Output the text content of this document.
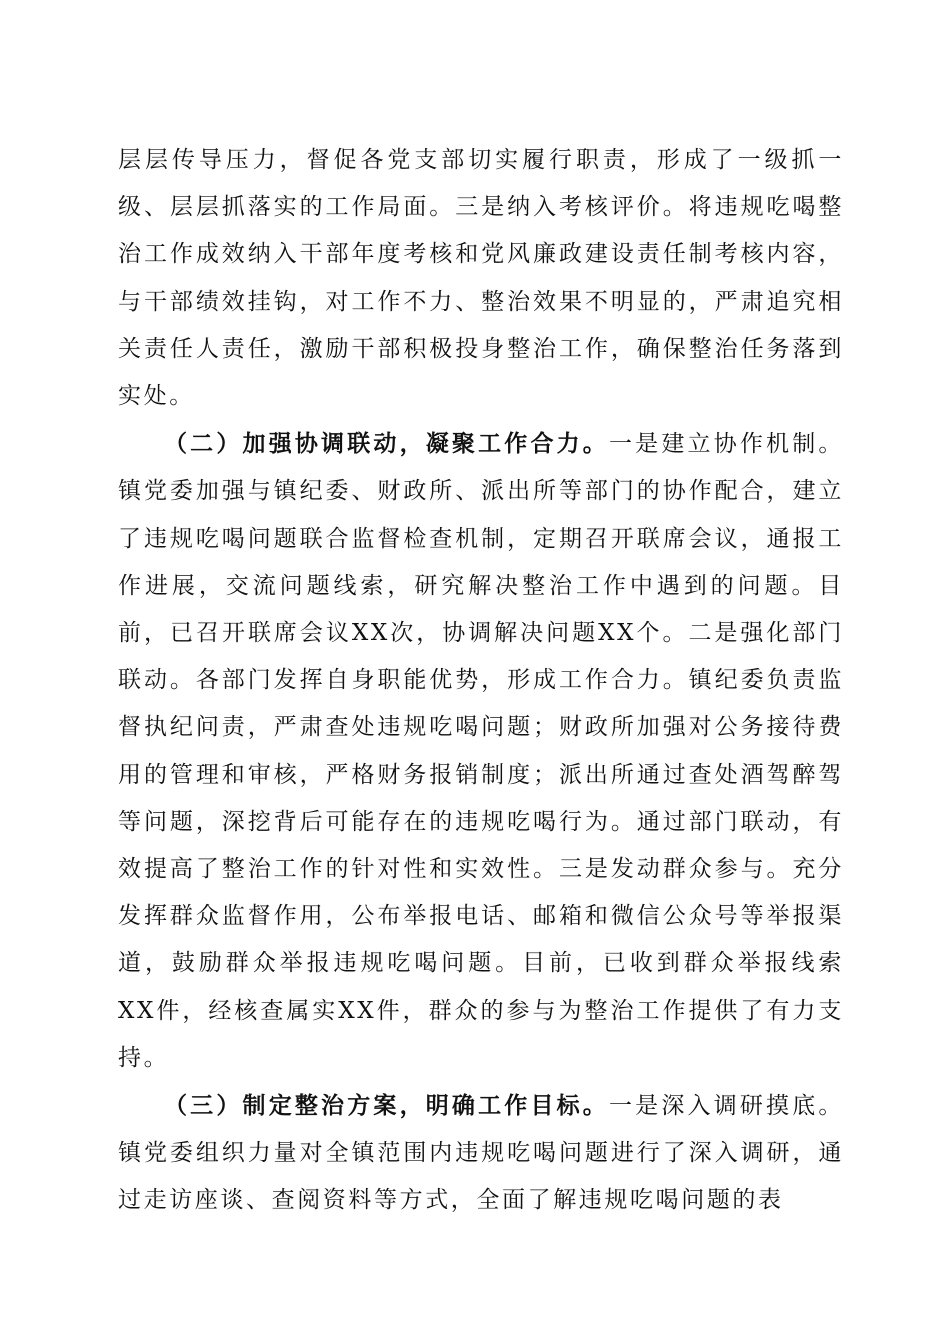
层层传导压力，督促各党支部切实履行职责，形成了一级抓一级、层层抓落实的工作局面。三是纳入考核评价。将违规吃喝整治工作成效纳入干部年度考核和党风廉政建设责任制考核内容，与干部绩效挂钩，对工作不力、整治效果不明显的，严肃追究相关责任人责任，激励干部积极投身整治工作，确保整治任务落到实处。

（二）加强协调联动，凝聚工作合力。一是建立协作机制。镇党委加强与镇纪委、财政所、派出所等部门的协作配合，建立了违规吃喝问题联合监督检查机制，定期召开联席会议，通报工作进展，交流问题线索，研究解决整治工作中遇到的问题。目前，已召开联席会议XX次，协调解决问题XX个。二是强化部门联动。各部门发挥自身职能优势，形成工作合力。镇纪委负责监督执纪问责，严肃查处违规吃喝问题；财政所加强对公务接待费用的管理和审核，严格财务报销制度；派出所通过查处酒驾醉驾等问题，深挖背后可能存在的违规吃喝行为。通过部门联动，有效提高了整治工作的针对性和实效性。三是发动群众参与。充分发挥群众监督作用，公布举报电话、邮箱和微信公众号等举报渠道，鼓励群众举报违规吃喝问题。目前，已收到群众举报线索XX件，经核查属实XX件，群众的参与为整治工作提供了有力支持。

（三）制定整治方案，明确工作目标。一是深入调研摸底。镇党委组织力量对全镇范围内违规吃喝问题进行了深入调研，通过走访座谈、查阅资料等方式，全面了解违规吃喝问题的表
